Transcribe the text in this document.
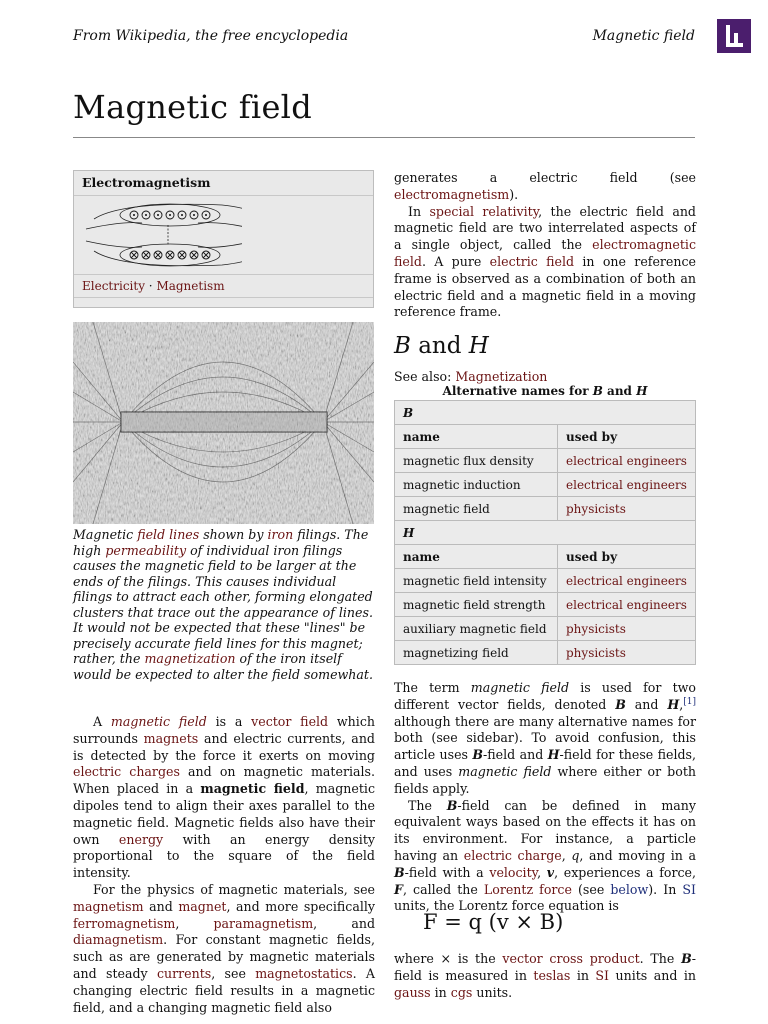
From Wikipedia, the free encyclopedia	Magnetic field
Magnetic field
Electromagnetism
Electricity · Magnetism
Magnetic field lines shown by iron filings. The high permeability of individual iron filings causes the magnetic field to be larger at the ends of the filings. This causes individual filings to attract each other, forming elongated clusters that trace out the appearance of lines. It would not be expected that these "lines" be precisely accurate field lines for this magnet; rather, the magnetization of the iron itself would be expected to alter the field somewhat.

A magnetic field is a vector field which surrounds magnets and electric currents, and is detected by the force it exerts on moving electric charges and on magnetic materials. When placed in a magnetic field, magnetic dipoles tend to align their axes parallel to the magnetic field. Magnetic fields also have their own energy with an energy density proportional to the square of the field intensity.

For the physics of magnetic materials, see magnetism and magnet, and more specifically ferromagnetism, paramagnetism, and diamagnetism. For constant magnetic fields, such as are generated by magnetic materials and steady currents, see magnetostatics. A changing electric field results in a magnetic field, and a changing magnetic field also

generates a electric field (see electromagnetism).

In special relativity, the electric field and magnetic field are two interrelated aspects of a single object, called the electromagnetic field. A pure electric field in one reference frame is observed as a combination of both an electric field and a magnetic field in a moving reference frame.

B and H
See also: Magnetization
Alternative names for B and H
B	
name	used by
magnetic flux density	electrical engineers
magnetic induction	electrical engineers
magnetic field	physicists
H	
name	used by
magnetic field intensity	electrical engineers
magnetic field strength	electrical engineers
auxiliary magnetic field	physicists
magnetizing field	physicists

The term magnetic field is used for two different vector fields, denoted B and H,[1] although there are many alternative names for both (see sidebar). To avoid confusion, this article uses B-field and H-field for these fields, and uses magnetic field where either or both fields apply.

The B-field can be defined in many equivalent ways based on the effects it has on its environment. For instance, a particle having an electric charge, q, and moving in a B-field with a velocity, v, experiences a force, F, called the Lorentz force (see below). In SI units, the Lorentz force equation is

F = q (v × B)
where × is the vector cross product. The B-field is measured in teslas in SI units and in gauss in cgs units.
